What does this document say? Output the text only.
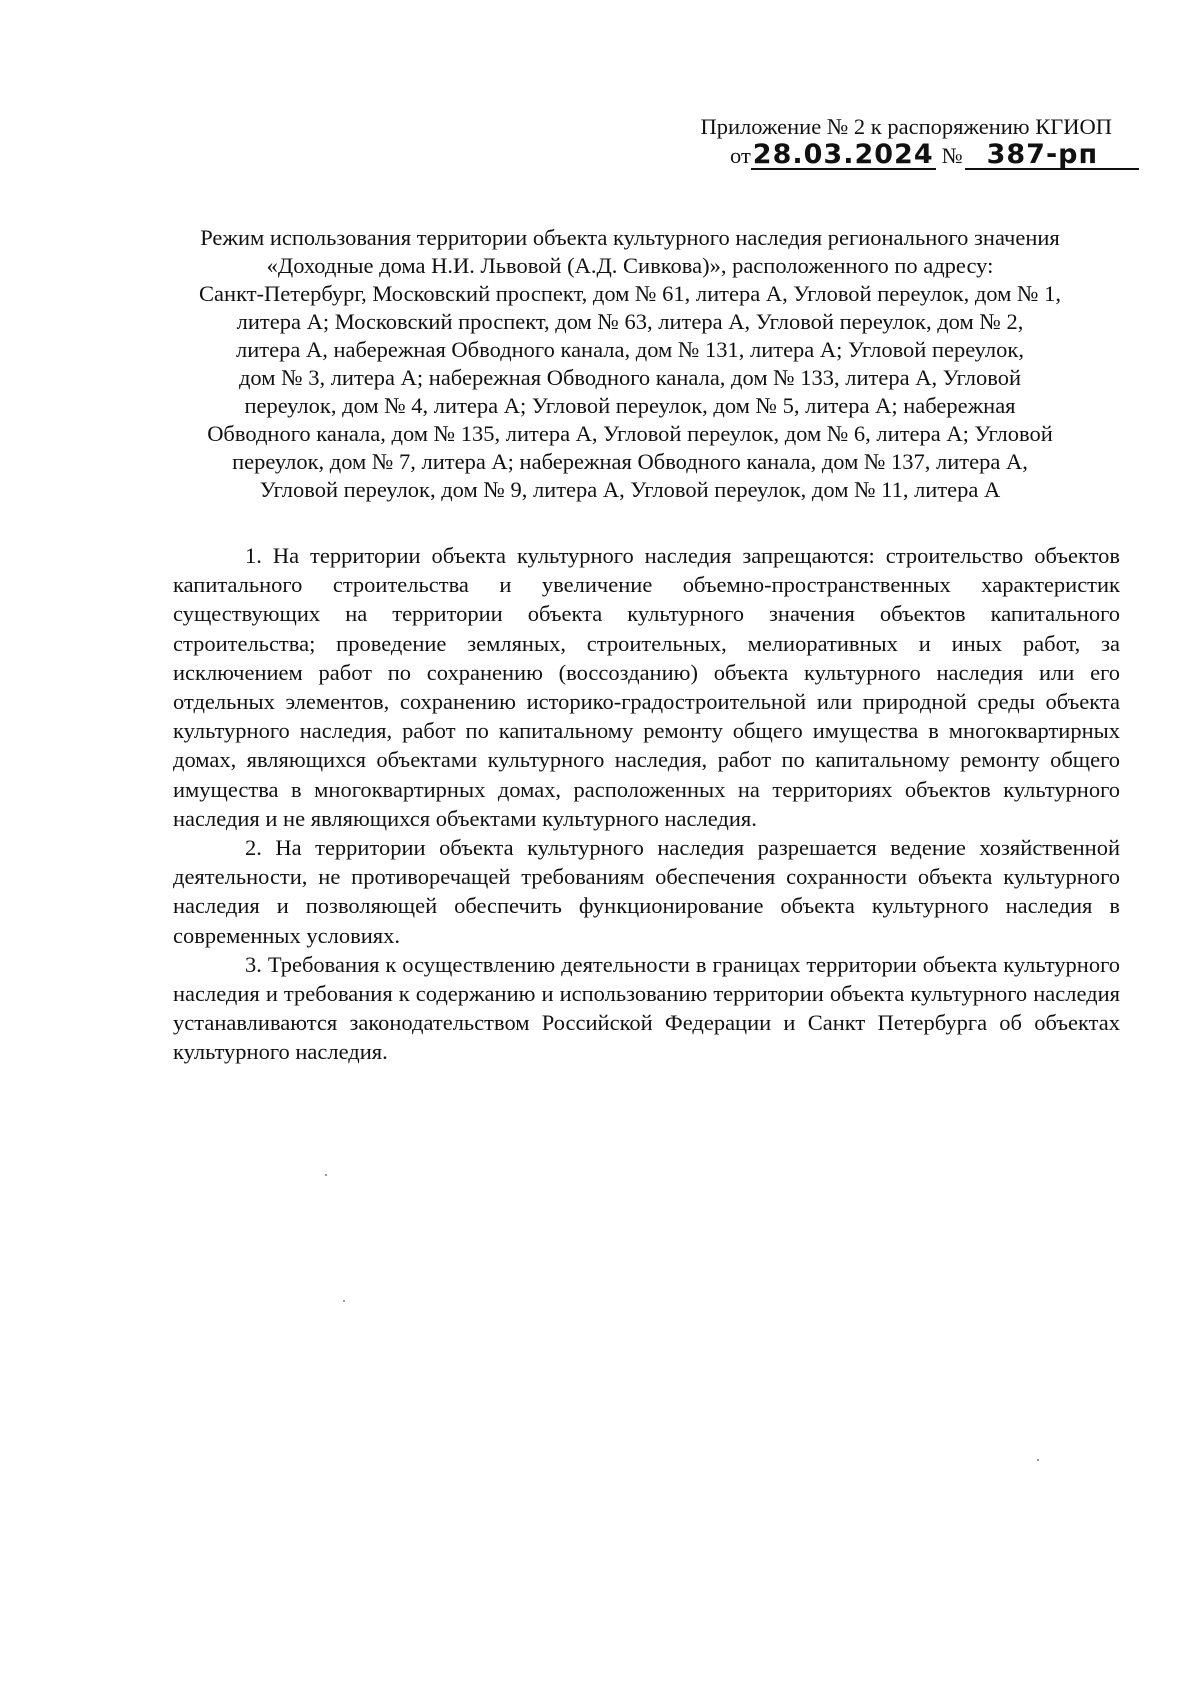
Приложение № 2 к распоряжению КГИОП
от28.03.2024 № 387-рп
Режим использования территории объекта культурного наследия регионального значения
«Доходные дома Н.И. Львовой (А.Д. Сивкова)», расположенного по адресу:
Санкт-Петербург, Московский проспект, дом № 61, литера А, Угловой переулок, дом № 1,
литера А; Московский проспект, дом № 63, литера А, Угловой переулок, дом № 2,
литера А, набережная Обводного канала, дом № 131, литера А; Угловой переулок,
дом № 3, литера А; набережная Обводного канала, дом № 133, литера А, Угловой
переулок, дом № 4, литера А; Угловой переулок, дом № 5, литера А; набережная
Обводного канала, дом № 135, литера А, Угловой переулок, дом № 6, литера А; Угловой
переулок, дом № 7, литера А; набережная Обводного канала, дом № 137, литера А,
Угловой переулок, дом № 9, литера А, Угловой переулок, дом № 11, литера А

1. На территории объекта культурного наследия запрещаются: строительство объектов капитального строительства и увеличение объемно-пространственных характеристик существующих на территории объекта культурного значения объектов капитального строительства; проведение земляных, строительных, мелиоративных и иных работ, за исключением работ по сохранению (воссозданию) объекта культурного наследия или его отдельных элементов, сохранению историко-градостроительной или природной среды объекта культурного наследия, работ по капитальному ремонту общего имущества в многоквартирных домах, являющихся объектами культурного наследия, работ по капитальному ремонту общего имущества в многоквартирных домах, расположенных на территориях объектов культурного наследия и не являющихся объектами культурного наследия.

2. На территории объекта культурного наследия разрешается ведение хозяйственной деятельности, не противоречащей требованиям обеспечения сохранности объекта культурного наследия и позволяющей обеспечить функционирование объекта культурного наследия в современных условиях.

3. Требования к осуществлению деятельности в границах территории объекта культурного наследия и требования к содержанию и использованию территории объекта культурного наследия устанавливаются законодательством Российской Федерации и Санкт Петербурга об объектах культурного наследия.
